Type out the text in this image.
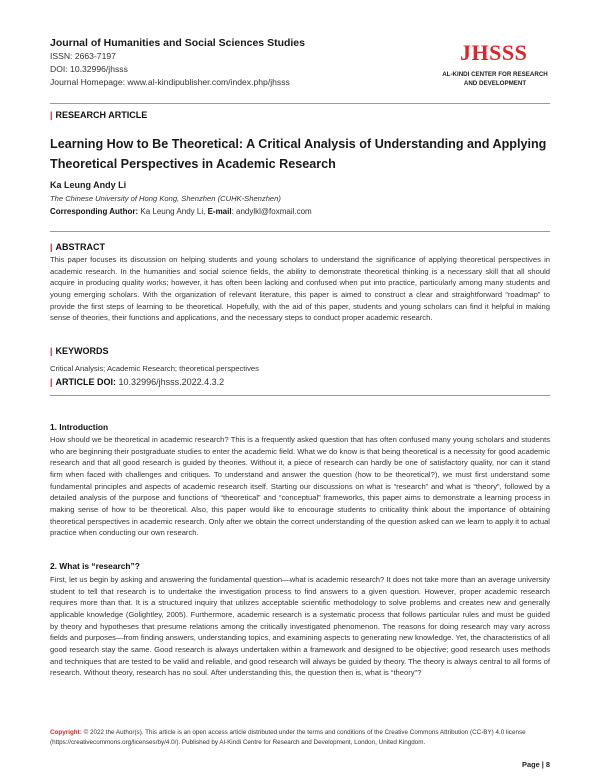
Journal of Humanities and Social Sciences Studies
ISSN: 2663-7197
DOI: 10.32996/jhsss
Journal Homepage: www.al-kindipublisher.com/index.php/jhsss
JHSSS
AL-KINDI CENTER FOR RESEARCH
AND DEVELOPMENT
| RESEARCH ARTICLE
Learning How to Be Theoretical: A Critical Analysis of Understanding and Applying Theoretical Perspectives in Academic Research
Ka Leung Andy Li
The Chinese University of Hong Kong, Shenzhen (CUHK-Shenzhen)
Corresponding Author: Ka Leung Andy Li, E-mail: andylkl@foxmail.com
| ABSTRACT
This paper focuses its discussion on helping students and young scholars to understand the significance of applying theoretical perspectives in academic research. In the humanities and social science fields, the ability to demonstrate theoretical thinking is a necessary skill that all should acquire in producing quality works; however, it has often been lacking and confused when put into practice, particularly among many students and young emerging scholars. With the organization of relevant literature, this paper is aimed to construct a clear and straightforward “roadmap” to provide the first steps of learning to be theoretical. Hopefully, with the aid of this paper, students and young scholars can find it helpful in making sense of theories, their functions and applications, and the necessary steps to conduct proper academic research.
| KEYWORDS
Critical Analysis; Academic Research; theoretical perspectives
| ARTICLE DOI: 10.32996/jhsss.2022.4.3.2
1. Introduction
How should we be theoretical in academic research? This is a frequently asked question that has often confused many young scholars and students who are beginning their postgraduate studies to enter the academic field. What we do know is that being theoretical is a necessity for good academic research and that all good research is guided by theories. Without it, a piece of research can hardly be one of satisfactory quality, nor can it stand firm when faced with challenges and critiques. To understand and answer the question (how to be theoretical?), we must first understand some fundamental principles and aspects of academic research itself. Starting our discussions on what is “research” and what is “theory”, followed by a detailed analysis of the purpose and functions of “theoretical” and “conceptual” frameworks, this paper aims to demonstrate a learning process in making sense of how to be theoretical. Also, this paper would like to encourage students to criticality think about the importance of obtaining theoretical perspectives in academic research. Only after we obtain the correct understanding of the question asked can we learn to apply it to actual practice when conducting our own research.
2. What is “research”?
First, let us begin by asking and answering the fundamental question—what is academic research? It does not take more than an average university student to tell that research is to undertake the investigation process to find answers to a given question. However, proper academic research requires more than that. It is a structured inquiry that utilizes acceptable scientific methodology to solve problems and creates new and generally applicable knowledge (Golightley, 2005). Furthermore, academic research is a systematic process that follows particular rules and must be guided by theory and hypotheses that presume relations among the critically investigated phenomenon. The reasons for doing research may vary across fields and purposes—from finding answers, understanding topics, and examining aspects to generating new knowledge. Yet, the characteristics of all good research stay the same. Good research is always undertaken within a framework and designed to be objective; good research uses methods and techniques that are tested to be valid and reliable, and good research will always be guided by theory. The theory is always central to all forms of research. Without theory, research has no soul. After understanding this, the question then is, what is “theory”?
Copyright: © 2022 the Author(s). This article is an open access article distributed under the terms and conditions of the Creative Commons Attribution (CC-BY) 4.0 license (https://creativecommons.org/licenses/by/4.0/). Published by Al-Kindi Centre for Research and Development, London, United Kingdom.
Page | 8
